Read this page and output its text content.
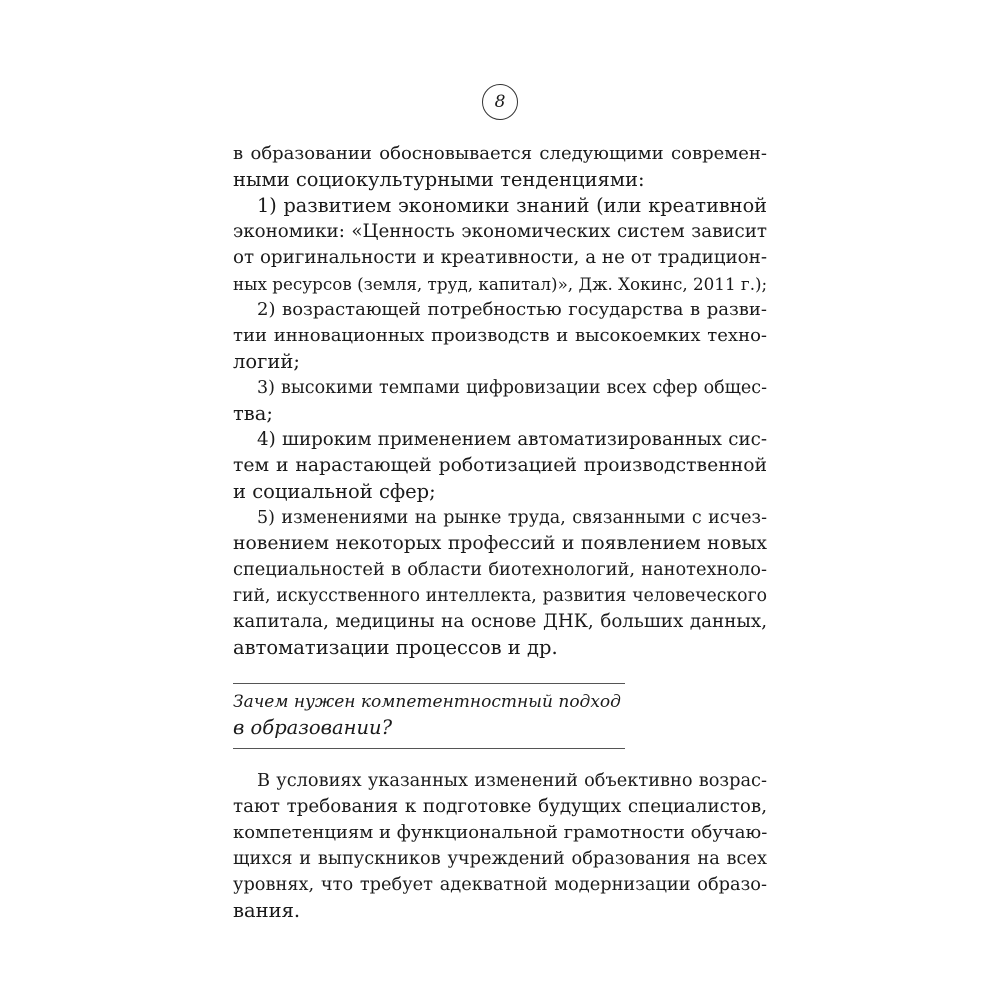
8
в образовании обосновывается следующими современ-
ными социокультурными тенденциями:
1) развитием экономики знаний (или креативной
экономики: «Ценность экономических систем зависит
от оригинальности и креативности, а не от традицион-
ных ресурсов (земля, труд, капитал)», Дж. Хокинс, 2011 г.);
2) возрастающей потребностью государства в разви-
тии инновационных производств и высокоемких техно-
логий;
3) высокими темпами цифровизации всех сфер общес-
тва;
4) широким применением автоматизированных сис-
тем и нарастающей роботизацией производственной
и социальной сфер;
5) изменениями на рынке труда, связанными с исчез-
новением некоторых профессий и появлением новых
специальностей в области биотехнологий, нанотехноло-
гий, искусственного интеллекта, развития человеческого
капитала, медицины на основе ДНК, больших данных,
автоматизации процессов и др.
Зачем нужен компетентностный подход
в образовании?
В условиях указанных изменений объективно возрас-
тают требования к подготовке будущих специалистов,
компетенциям и функциональной грамотности обучаю-
щихся и выпускников учреждений образования на всех
уровнях, что требует адекватной модернизации образо-
вания.
